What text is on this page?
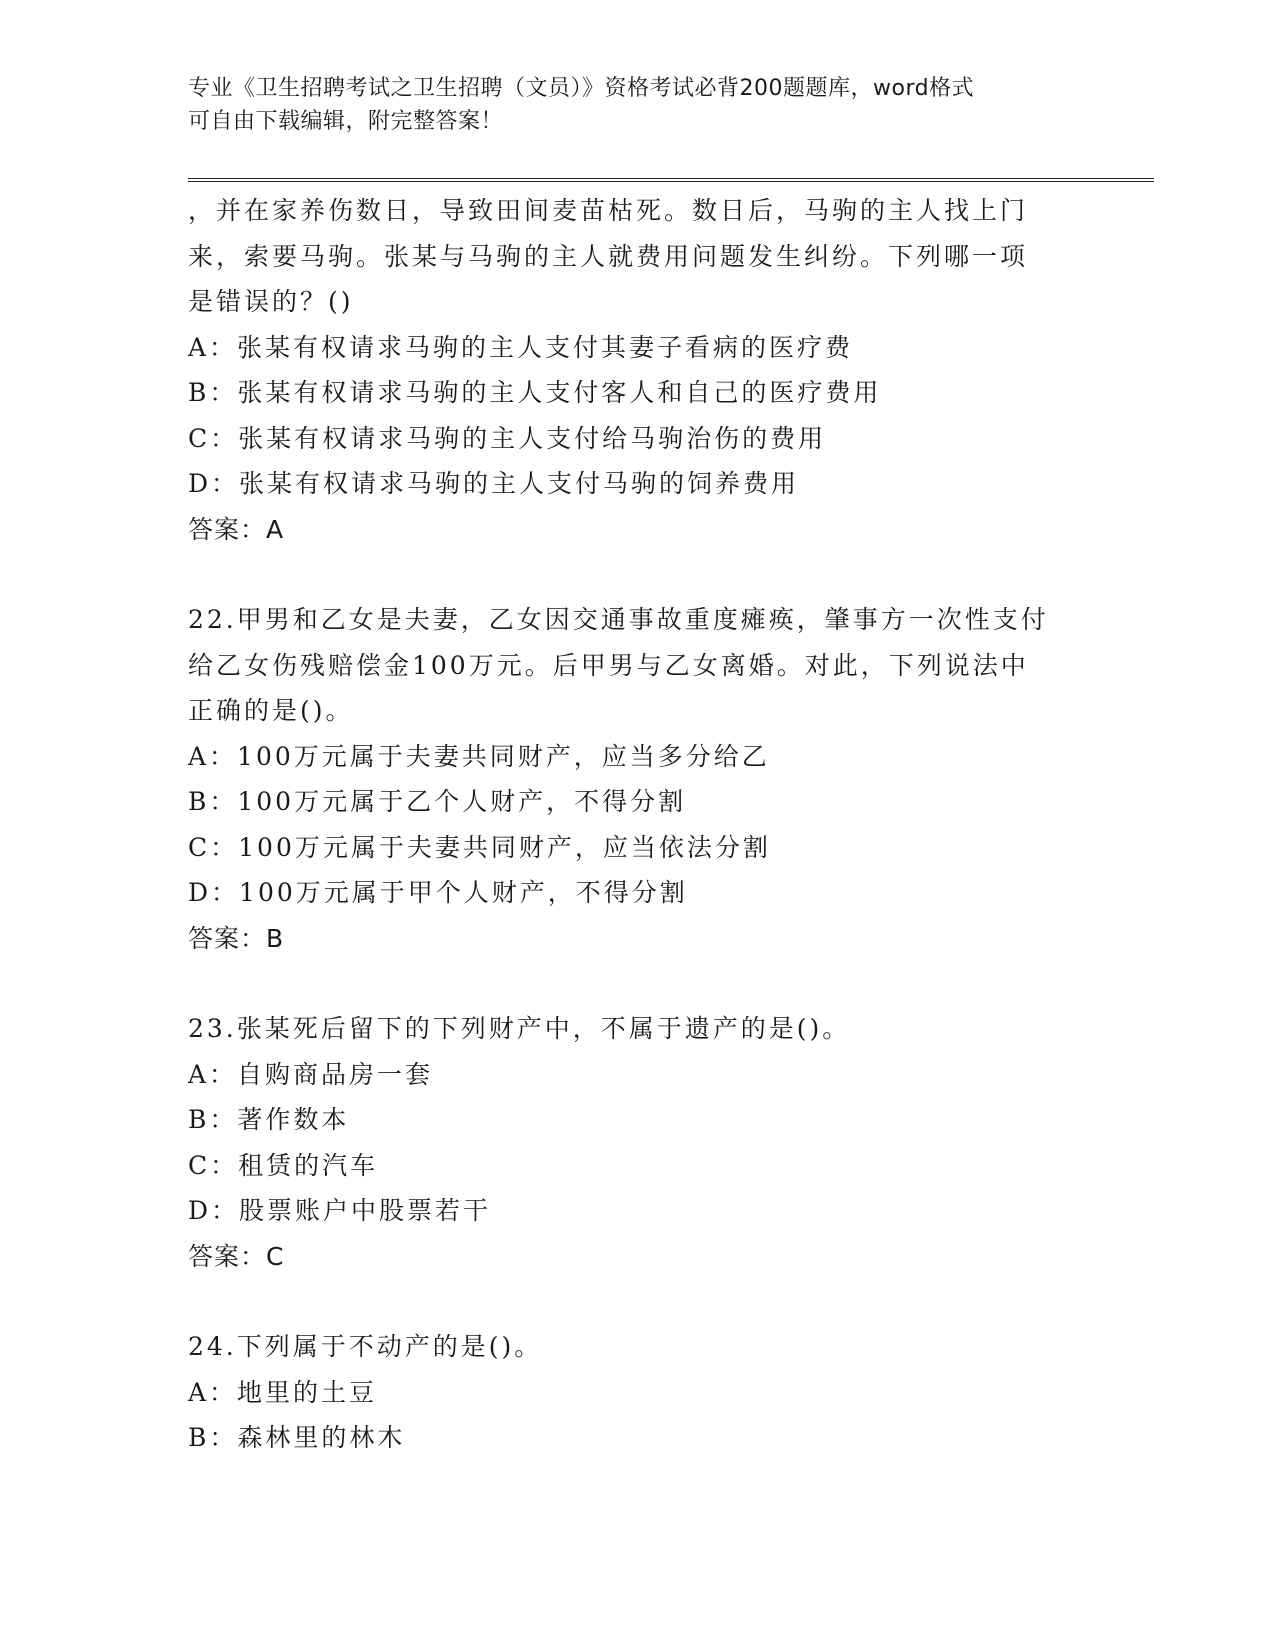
专业《卫生招聘考试之卫生招聘（文员）》资格考试必背200题题库，word格式
可自由下载编辑，附完整答案！
，并在家养伤数日，导致田间麦苗枯死。数日后，马驹的主人找上门
来，索要马驹。张某与马驹的主人就费用问题发生纠纷。下列哪一项
是错误的？()
A：张某有权请求马驹的主人支付其妻子看病的医疗费
B：张某有权请求马驹的主人支付客人和自己的医疗费用
C：张某有权请求马驹的主人支付给马驹治伤的费用
D：张某有权请求马驹的主人支付马驹的饲养费用
答案：A
22.甲男和乙女是夫妻，乙女因交通事故重度瘫痪，肇事方一次性支付
给乙女伤残赔偿金100万元。后甲男与乙女离婚。对此，下列说法中
正确的是()。
A：100万元属于夫妻共同财产，应当多分给乙
B：100万元属于乙个人财产，不得分割
C：100万元属于夫妻共同财产，应当依法分割
D：100万元属于甲个人财产，不得分割
答案：B
23.张某死后留下的下列财产中，不属于遗产的是()。
A：自购商品房一套
B：著作数本
C：租赁的汽车
D：股票账户中股票若干
答案：C
24.下列属于不动产的是()。
A：地里的土豆
B：森林里的林木
